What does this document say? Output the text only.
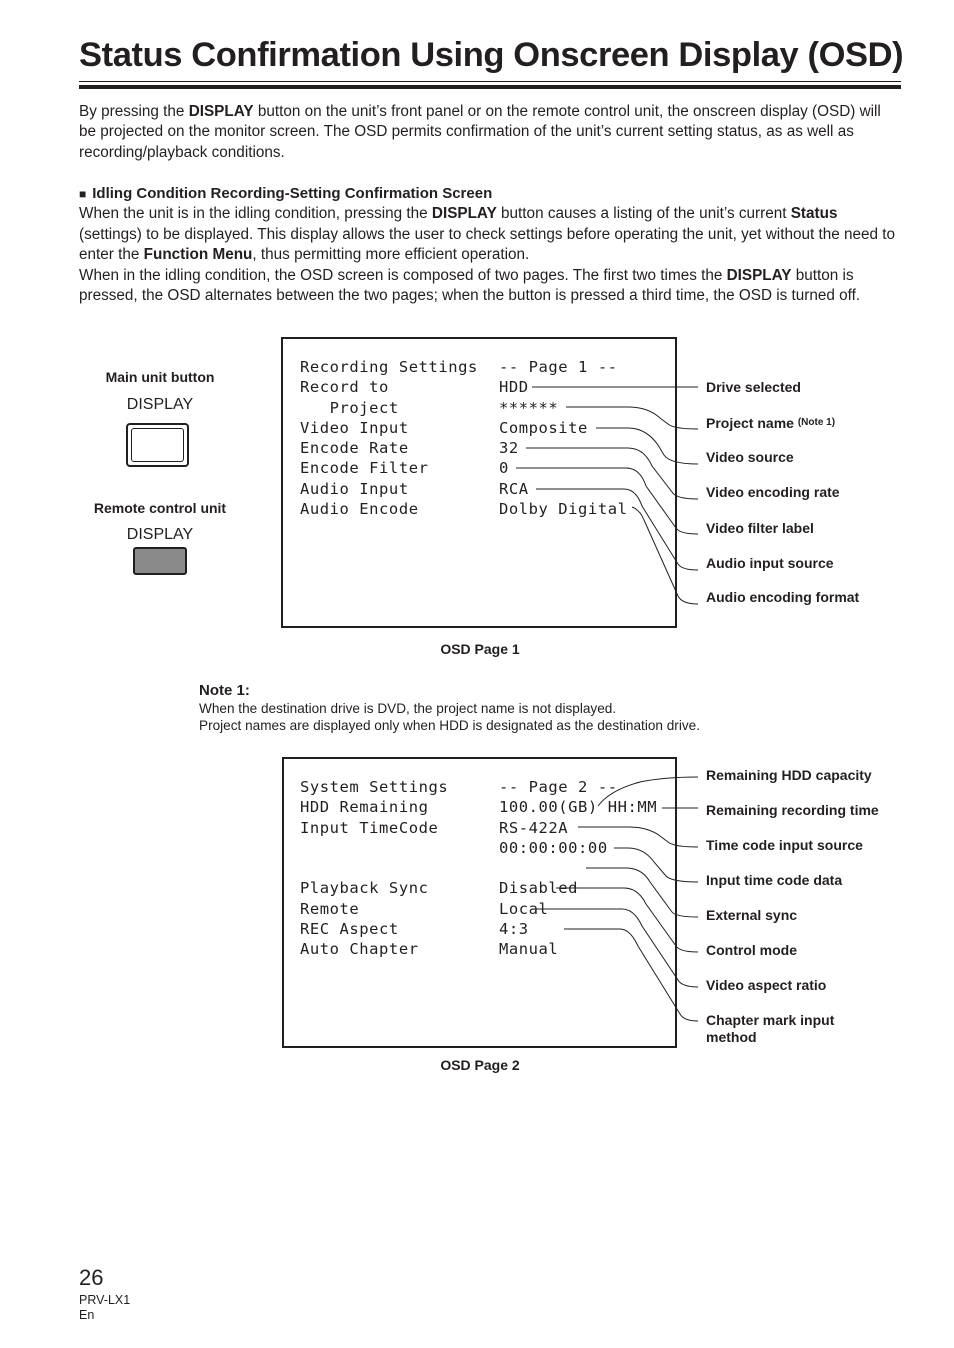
Status Confirmation Using Onscreen Display (OSD)
By pressing the DISPLAY button on the unit’s front panel or on the remote control unit, the onscreen display (OSD) will be projected on the monitor screen. The OSD permits confirmation of the unit’s current setting status, as as well as recording/playback conditions.
■ Idling Condition Recording-Setting Confirmation Screen
When the unit is in the idling condition, pressing the DISPLAY button causes a listing of the unit’s current Status (settings) to be displayed. This display allows the user to check settings before operating the unit, yet without the need to enter the Function Menu, thus permitting more efficient operation.
When in the idling condition, the OSD screen is composed of two pages. The first two times the DISPLAY button is pressed, the OSD alternates between the two pages; when the button is pressed a third time, the OSD is turned off.
Main unit button
DISPLAY
Remote control unit
DISPLAY
Recording Settings -- Page 1 --
Record to	HDD
Project	******
Video Input	Composite
Encode Rate	32
Encode Filter	0
Audio Input	RCA
Audio Encode	Dolby Digital
Drive selected
Project name $^{(Note 1)}$
Video source
Video encoding rate
Video filter label
Audio input source
Audio encoding format
OSD Page 1
Note 1:
When the destination drive is DVD, the project name is not displayed.
Project names are displayed only when HDD is designated as the destination drive.
System Settings	-- Page 2 --
HDD Remaining	100.00(GB) HH:MM
Input TimeCode	RS-422A
00:00:00:00
Playback Sync	Disabled
Remote	Local
REC Aspect	4:3
Auto Chapter	Manual
Remaining HDD capacity
Remaining recording time
Time code input source
Input time code data
External sync
Control mode
Video aspect ratio
Chapter mark input
method
OSD Page 2
26
PRV-LX1
En
